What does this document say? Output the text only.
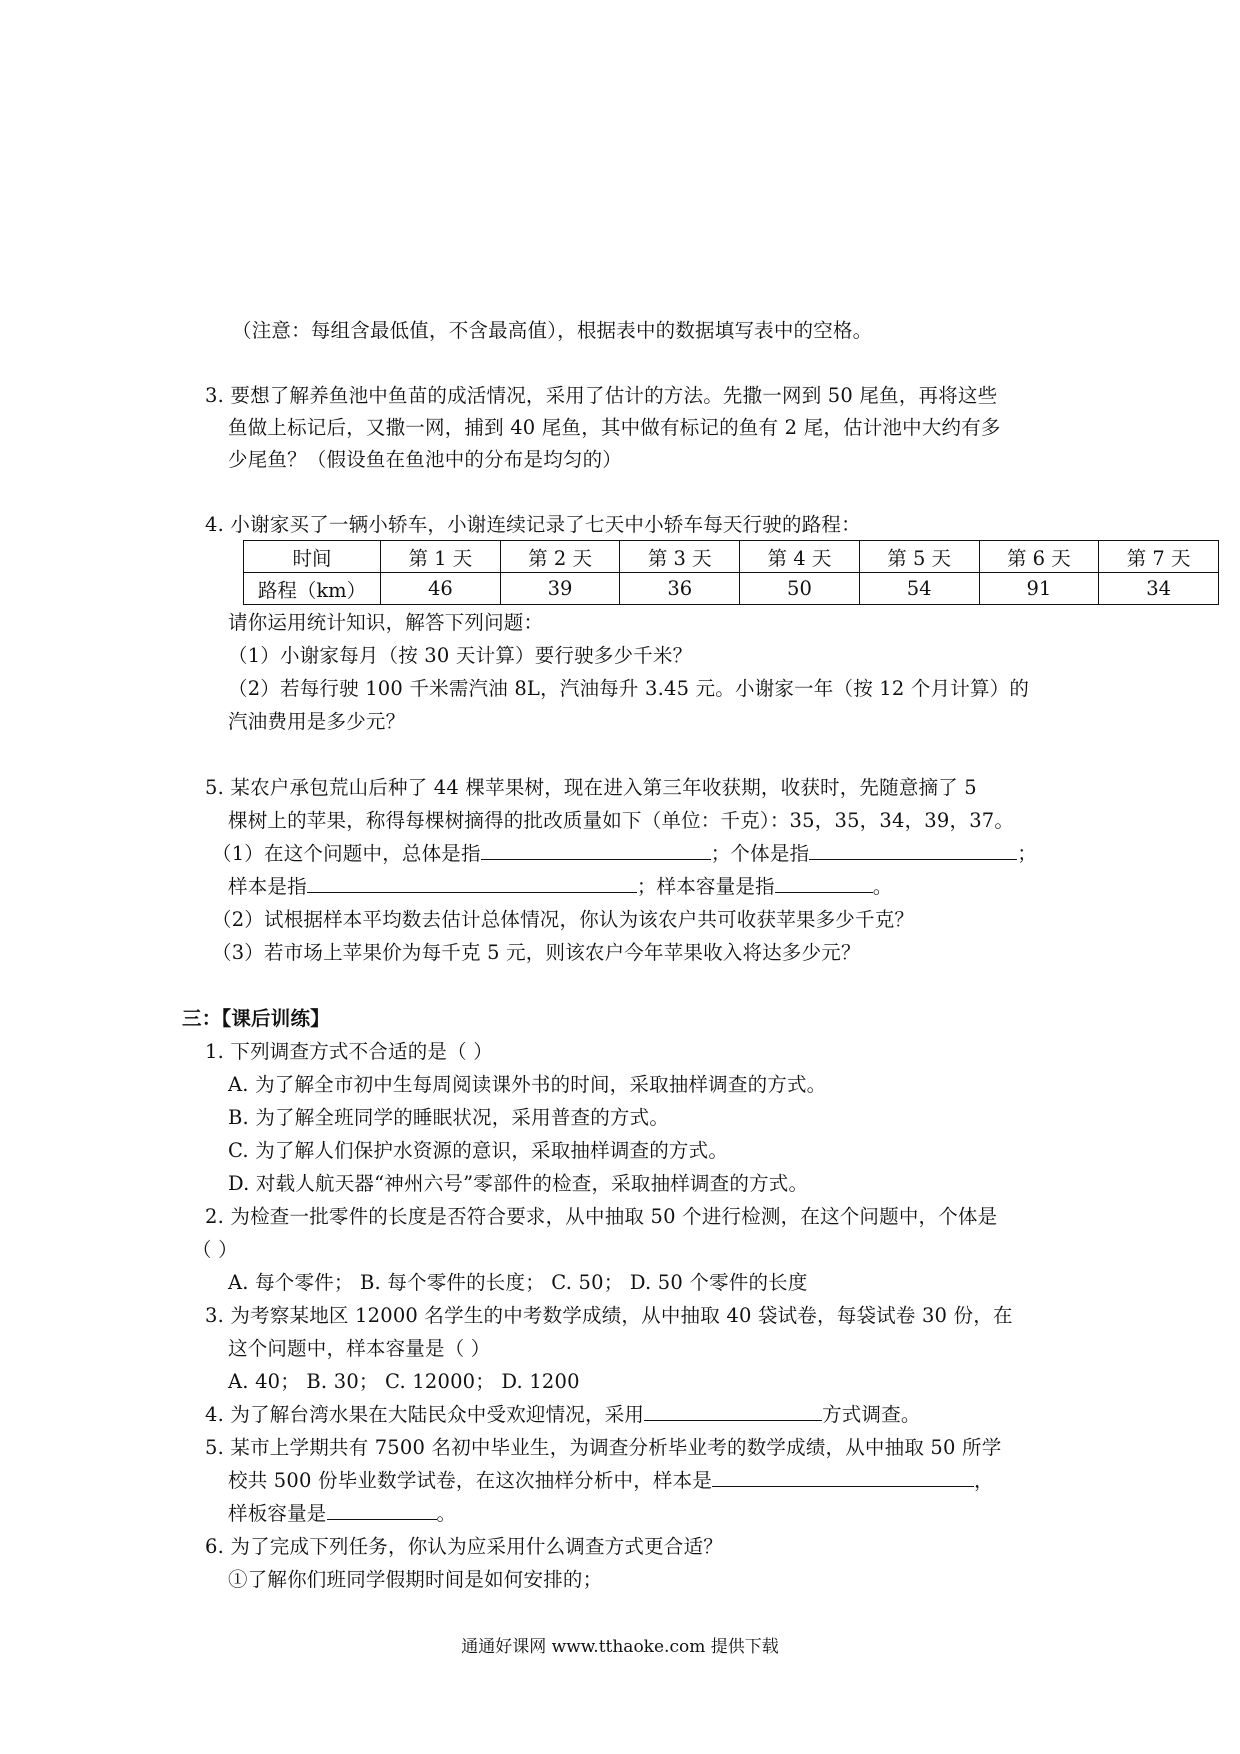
（注意：每组含最低值，不含最高值），根据表中的数据填写表中的空格。
3. 要想了解养鱼池中鱼苗的成活情况，采用了估计的方法。先撒一网到 50 尾鱼，再将这些
鱼做上标记后，又撒一网，捕到 40 尾鱼，其中做有标记的鱼有 2 尾，估计池中大约有多
少尾鱼？（假设鱼在鱼池中的分布是均匀的）
4. 小谢家买了一辆小轿车，小谢连续记录了七天中小轿车每天行驶的路程：
时间	第 1 天	第 2 天	第 3 天	第 4 天	第 5 天	第 6 天	第 7 天
路程（km）	46	39	36	50	54	91	34
请你运用统计知识，解答下列问题：
（1）小谢家每月（按 30 天计算）要行驶多少千米？
（2）若每行驶 100 千米需汽油 8L，汽油每升 3.45 元。小谢家一年（按 12 个月计算）的
汽油费用是多少元？
5. 某农户承包荒山后种了 44 棵苹果树，现在进入第三年收获期，收获时，先随意摘了 5
棵树上的苹果，称得每棵树摘得的批改质量如下（单位：千克）：35，35，34，39，37。
（1）在这个问题中，总体是指	；个体是指	；
样本是指	；样本容量是指	。
（2）试根据样本平均数去估计总体情况，你认为该农户共可收获苹果多少千克？
（3）若市场上苹果价为每千克 5 元，则该农户今年苹果收入将达多少元？
三：【课后训练】
1. 下列调查方式不合适的是（ ）
A. 为了解全市初中生每周阅读课外书的时间，采取抽样调查的方式。
B. 为了解全班同学的睡眠状况，采用普查的方式。
C. 为了解人们保护水资源的意识，采取抽样调查的方式。
D. 对载人航天器“神州六号”零部件的检查，采取抽样调查的方式。
2. 为检查一批零件的长度是否符合要求，从中抽取 50 个进行检测，在这个问题中，个体是
（ ）
A. 每个零件； B. 每个零件的长度； C. 50； D. 50 个零件的长度
3. 为考察某地区 12000 名学生的中考数学成绩，从中抽取 40 袋试卷，每袋试卷 30 份，在
这个问题中，样本容量是（ ）
A. 40； B. 30； C. 12000； D. 1200
4. 为了解台湾水果在大陆民众中受欢迎情况，采用	方式调查。
5. 某市上学期共有 7500 名初中毕业生，为调查分析毕业考的数学成绩，从中抽取 50 所学
校共 500 份毕业数学试卷，在这次抽样分析中，样本是	，
样板容量是	。
6. 为了完成下列任务，你认为应采用什么调查方式更合适？
①了解你们班同学假期时间是如何安排的；
通通好课网 www.tthaoke.com 提供下载
